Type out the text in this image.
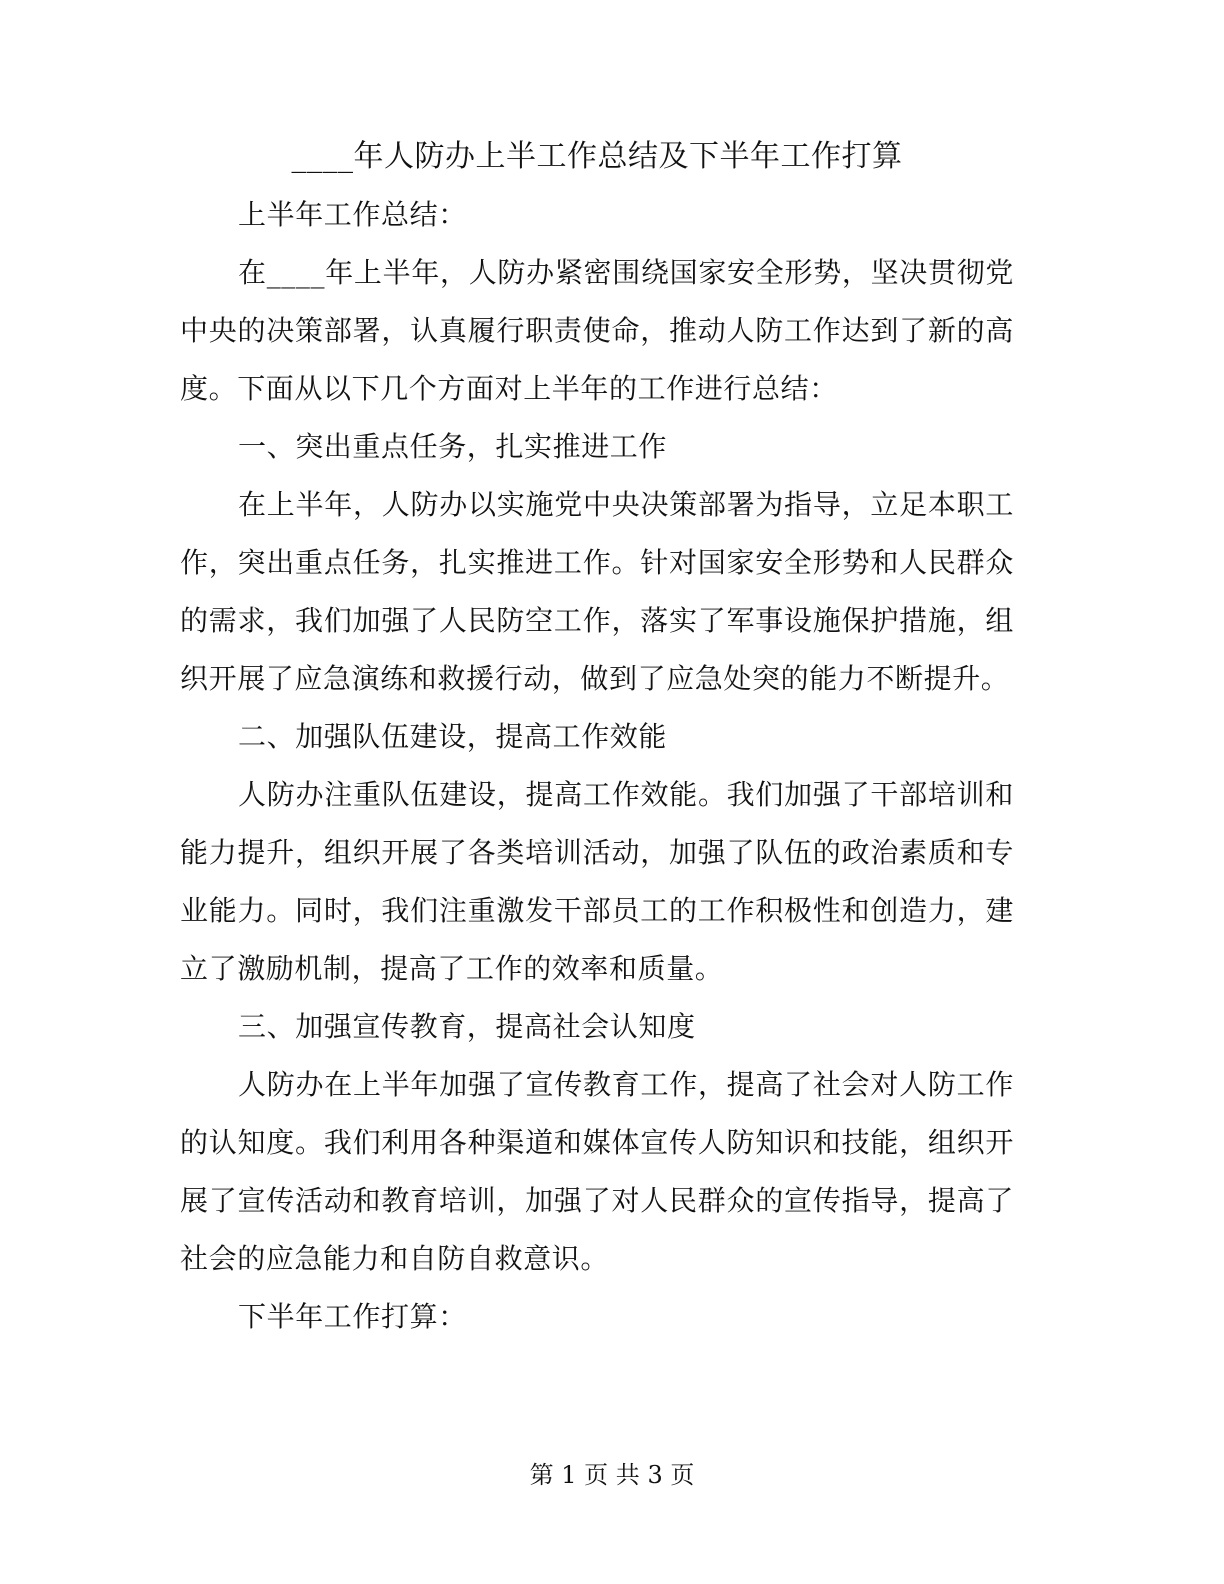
____年人防办上半工作总结及下半年工作打算

上半年工作总结：

在____年上半年，人防办紧密围绕国家安全形势，坚决贯彻党中央的决策部署，认真履行职责使命，推动人防工作达到了新的高度。下面从以下几个方面对上半年的工作进行总结：

一、突出重点任务，扎实推进工作

在上半年，人防办以实施党中央决策部署为指导，立足本职工作，突出重点任务，扎实推进工作。针对国家安全形势和人民群众的需求，我们加强了人民防空工作，落实了军事设施保护措施，组织开展了应急演练和救援行动，做到了应急处突的能力不断提升。

二、加强队伍建设，提高工作效能

人防办注重队伍建设，提高工作效能。我们加强了干部培训和能力提升，组织开展了各类培训活动，加强了队伍的政治素质和专业能力。同时，我们注重激发干部员工的工作积极性和创造力，建立了激励机制，提高了工作的效率和质量。

三、加强宣传教育，提高社会认知度

人防办在上半年加强了宣传教育工作，提高了社会对人防工作的认知度。我们利用各种渠道和媒体宣传人防知识和技能，组织开展了宣传活动和教育培训，加强了对人民群众的宣传指导，提高了社会的应急能力和自防自救意识。

下半年工作打算：

第 1 页 共 3 页
